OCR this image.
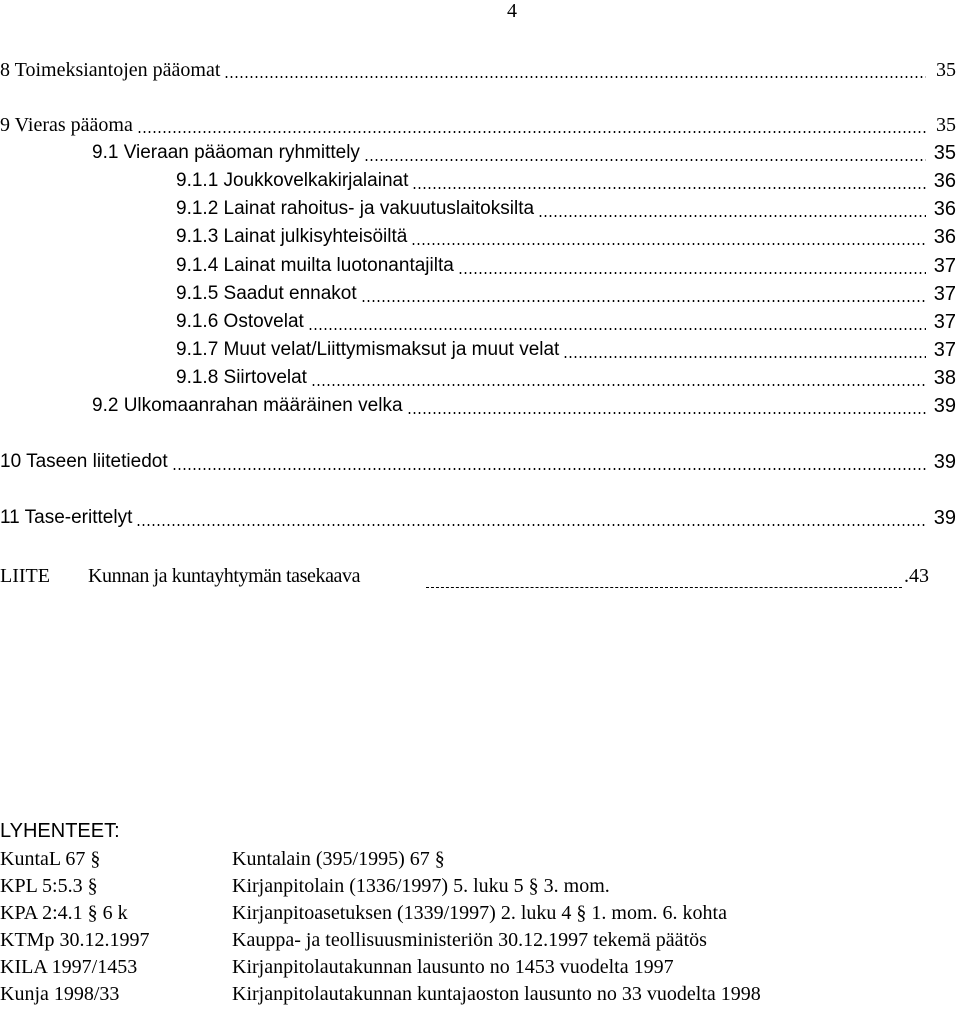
4
8 Toimeksiantojen pääomat	35
9 Vieras pääoma	35
9.1 Vieraan pääoman ryhmittely	35
9.1.1 Joukkovelkakirjalainat	36
9.1.2 Lainat rahoitus- ja vakuutuslaitoksilta	36
9.1.3 Lainat julkisyhteisöiltä	36
9.1.4 Lainat muilta luotonantajilta	37
9.1.5 Saadut ennakot	37
9.1.6 Ostovelat	37
9.1.7 Muut velat/Liittymismaksut ja muut velat	37
9.1.8 Siirtovelat	38
9.2 Ulkomaanrahan määräinen velka	39
10 Taseen liitetiedot	39
11 Tase-erittelyt	39
LIITE Kunnan ja kuntayhtymän tasekaava	.43
LYHENTEET:
KuntaL 67 §	Kuntalain (395/1995) 67 §
KPL 5:5.3 §	Kirjanpitolain (1336/1997) 5. luku 5 § 3. mom.
KPA 2:4.1 § 6 k	Kirjanpitoasetuksen (1339/1997) 2. luku 4 § 1. mom. 6. kohta
KTMp 30.12.1997	Kauppa- ja teollisuusministeriön 30.12.1997 tekemä päätös
KILA 1997/1453	Kirjanpitolautakunnan lausunto no 1453 vuodelta 1997
Kunja 1998/33	Kirjanpitolautakunnan kuntajaoston lausunto no 33 vuodelta 1998
